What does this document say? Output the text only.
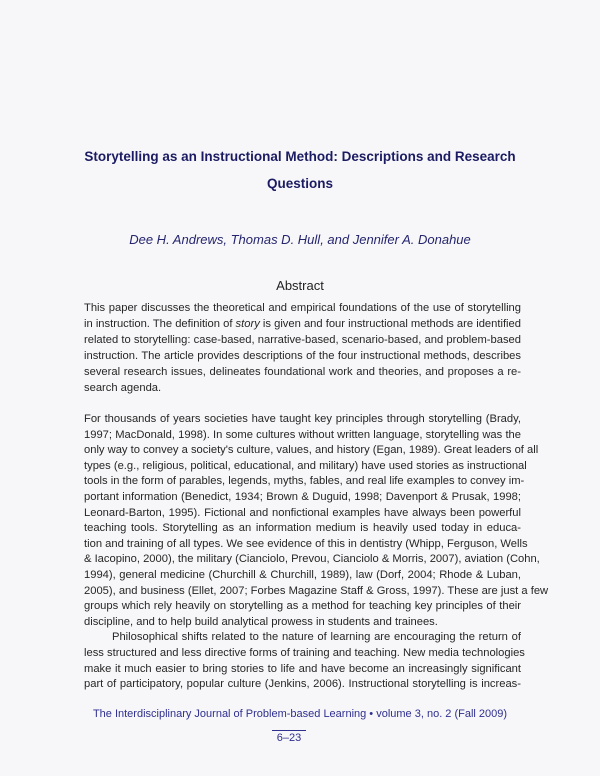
Storytelling as an Instructional Method: Descriptions and Research
Questions
Dee H. Andrews, Thomas D. Hull, and Jennifer A. Donahue
Abstract
This paper discusses the theoretical and empirical foundations of the use of storytelling
in instruction. The definition of story is given and four instructional methods are identified
related to storytelling: case-based, narrative-based, scenario-based, and problem-based
instruction. The article provides descriptions of the four instructional methods, describes
several research issues, delineates foundational work and theories, and proposes a re-
search agenda.
For thousands of years societies have taught key principles through storytelling (Brady,
1997; MacDonald, 1998). In some cultures without written language, storytelling was the
only way to convey a society's culture, values, and history (Egan, 1989). Great leaders of all
types (e.g., religious, political, educational, and military) have used stories as instructional
tools in the form of parables, legends, myths, fables, and real life examples to convey im-
portant information (Benedict, 1934; Brown & Duguid, 1998; Davenport & Prusak, 1998;
Leonard-Barton, 1995). Fictional and nonfictional examples have always been powerful
teaching tools. Storytelling as an information medium is heavily used today in educa-
tion and training of all types. We see evidence of this in dentistry (Whipp, Ferguson, Wells
& Iacopino, 2000), the military (Cianciolo, Prevou, Cianciolo & Morris, 2007), aviation (Cohn,
1994), general medicine (Churchill & Churchill, 1989), law (Dorf, 2004; Rhode & Luban,
2005), and business (Ellet, 2007; Forbes Magazine Staff & Gross, 1997). These are just a few
groups which rely heavily on storytelling as a method for teaching key principles of their
discipline, and to help build analytical prowess in students and trainees.
Philosophical shifts related to the nature of learning are encouraging the return of
less structured and less directive forms of training and teaching. New media technologies
make it much easier to bring stories to life and have become an increasingly significant
part of participatory, popular culture (Jenkins, 2006). Instructional storytelling is increas-
The Interdisciplinary Journal of Problem-based Learning • volume 3, no. 2 (Fall 2009)
6–23
